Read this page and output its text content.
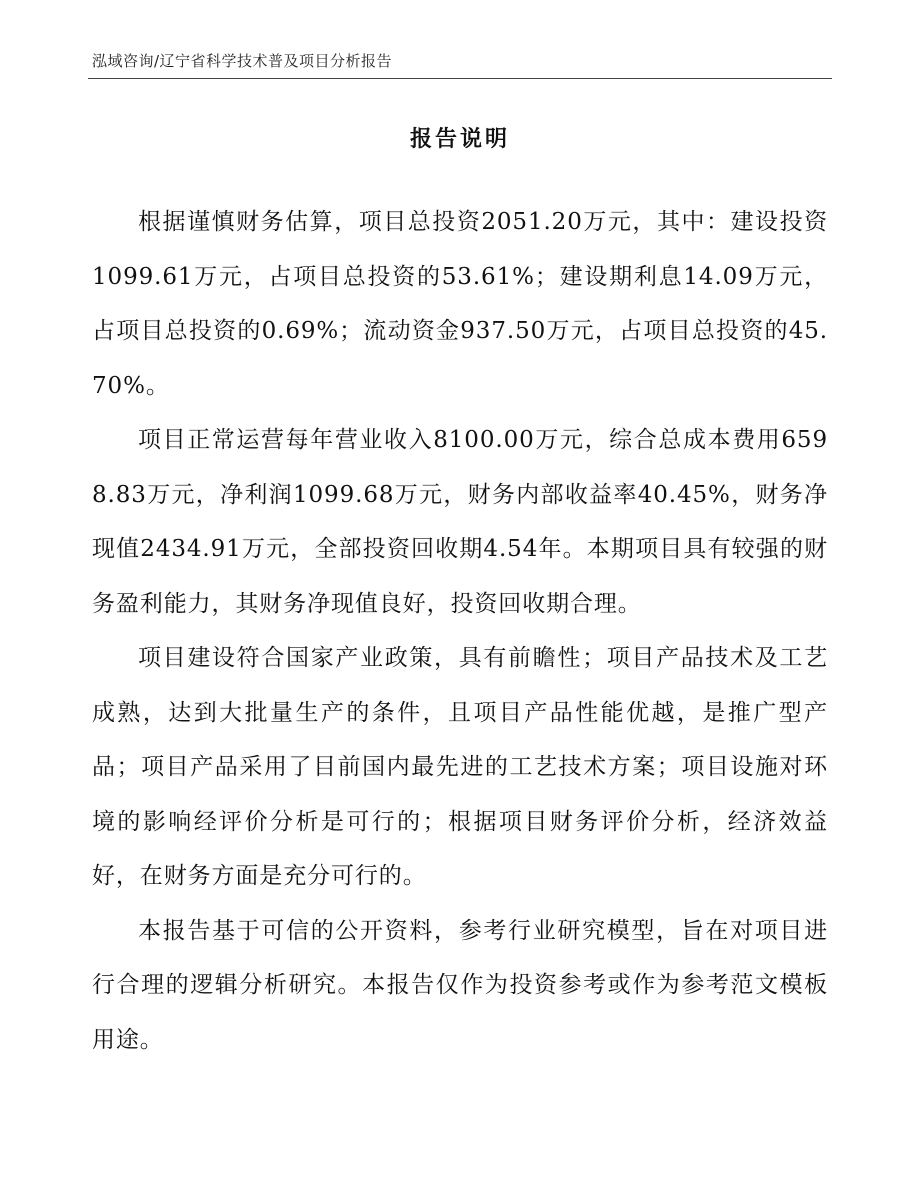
泓域咨询/辽宁省科学技术普及项目分析报告
报告说明

根据谨慎财务估算，项目总投资2051.20万元，其中：建设投资1099.61万元，占项目总投资的53.61%；建设期利息14.09万元，占项目总投资的0.69%；流动资金937.50万元，占项目总投资的45.70%。

项目正常运营每年营业收入8100.00万元，综合总成本费用6598.83万元，净利润1099.68万元，财务内部收益率40.45%，财务净现值2434.91万元，全部投资回收期4.54年。本期项目具有较强的财务盈利能力，其财务净现值良好，投资回收期合理。

项目建设符合国家产业政策，具有前瞻性；项目产品技术及工艺成熟，达到大批量生产的条件，且项目产品性能优越，是推广型产品；项目产品采用了目前国内最先进的工艺技术方案；项目设施对环境的影响经评价分析是可行的；根据项目财务评价分析，经济效益好，在财务方面是充分可行的。

本报告基于可信的公开资料，参考行业研究模型，旨在对项目进行合理的逻辑分析研究。本报告仅作为投资参考或作为参考范文模板用途。
